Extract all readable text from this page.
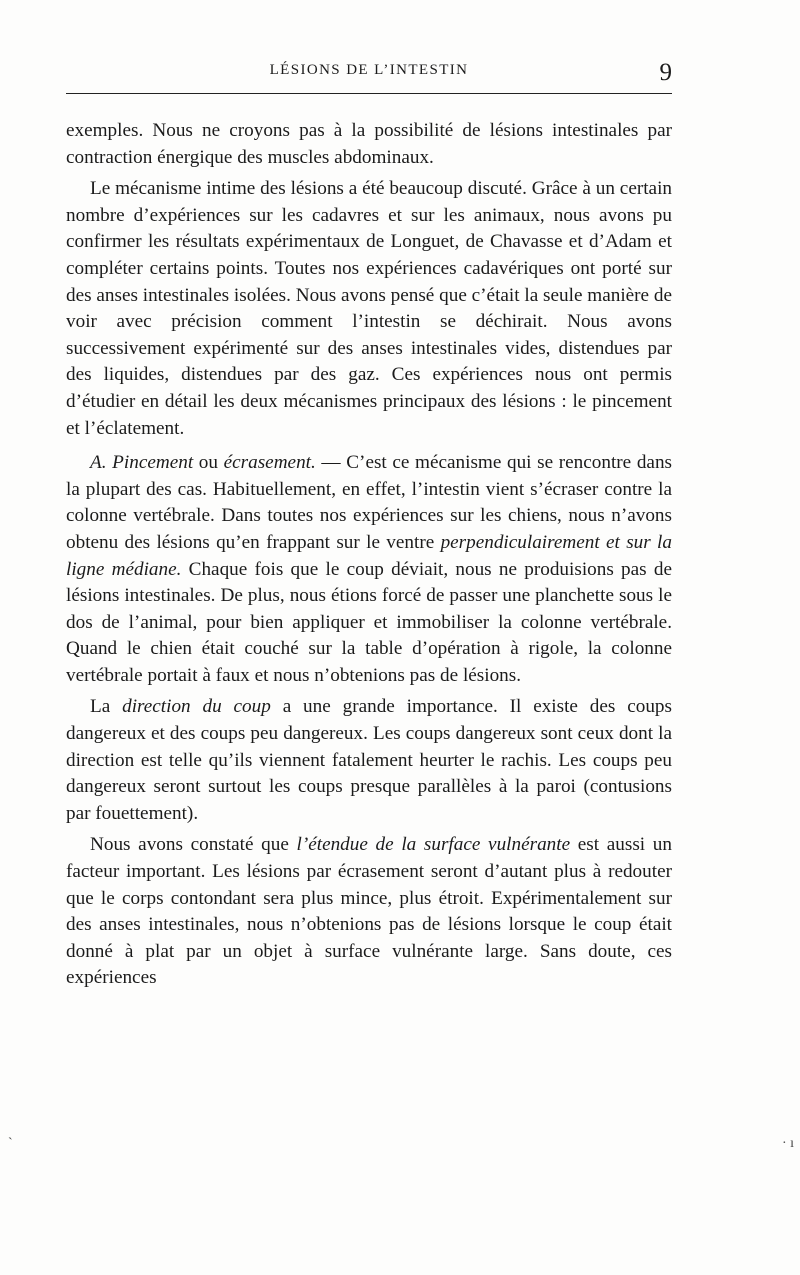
LÉSIONS DE L’INTESTIN	9

exemples. Nous ne croyons pas à la possibilité de lésions intestinales par contraction énergique des muscles abdominaux.

Le mécanisme intime des lésions a été beaucoup discuté. Grâce à un certain nombre d’expériences sur les cadavres et sur les animaux, nous avons pu confirmer les résultats expérimentaux de Longuet, de Chavasse et d’Adam et compléter certains points. Toutes nos expériences cadavériques ont porté sur des anses intestinales isolées. Nous avons pensé que c’était la seule manière de voir avec précision comment l’intestin se déchirait. Nous avons successivement expérimenté sur des anses intestinales vides, distendues par des liquides, distendues par des gaz. Ces expériences nous ont permis d’étudier en détail les deux mécanismes principaux des lésions : le pincement et l’éclatement.

A. Pincement ou écrasement. — C’est ce mécanisme qui se rencontre dans la plupart des cas. Habituellement, en effet, l’intestin vient s’écraser contre la colonne vertébrale. Dans toutes nos expériences sur les chiens, nous n’avons obtenu des lésions qu’en frappant sur le ventre perpendiculairement et sur la ligne médiane. Chaque fois que le coup déviait, nous ne produisions pas de lésions intestinales. De plus, nous étions forcé de passer une planchette sous le dos de l’animal, pour bien appliquer et immobiliser la colonne vertébrale. Quand le chien était couché sur la table d’opération à rigole, la colonne vertébrale portait à faux et nous n’obtenions pas de lésions.

La direction du coup a une grande importance. Il existe des coups dangereux et des coups peu dangereux. Les coups dangereux sont ceux dont la direction est telle qu’ils viennent fatalement heurter le rachis. Les coups peu dangereux seront surtout les coups presque parallèles à la paroi (contusions par fouettement).

Nous avons constaté que l’étendue de la surface vulnérante est aussi un facteur important. Les lésions par écrasement seront d’autant plus à redouter que le corps contondant sera plus mince, plus étroit. Expérimentalement sur des anses intestinales, nous n’obtenions pas de lésions lorsque le coup était donné à plat par un objet à surface vulnérante large. Sans doute, ces expériences

ˋ	· ı
